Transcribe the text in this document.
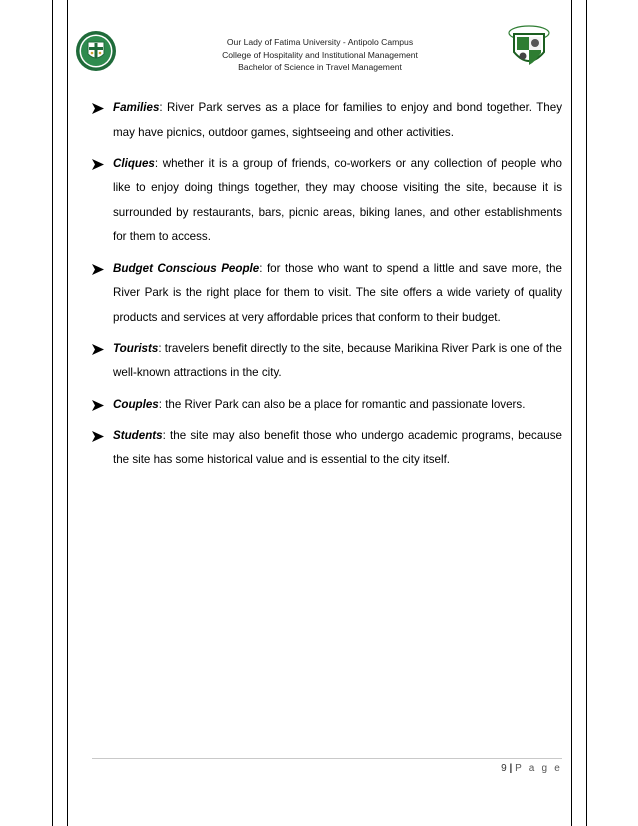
Our Lady of Fatima University - Antipolo Campus
College of Hospitality and Institutional Management
Bachelor of Science in Travel Management
Families: River Park serves as a place for families to enjoy and bond together. They may have picnics, outdoor games, sightseeing and other activities.
Cliques: whether it is a group of friends, co-workers or any collection of people who like to enjoy doing things together, they may choose visiting the site, because it is surrounded by restaurants, bars, picnic areas, biking lanes, and other establishments for them to access.
Budget Conscious People: for those who want to spend a little and save more, the River Park is the right place for them to visit. The site offers a wide variety of quality products and services at very affordable prices that conform to their budget.
Tourists: travelers benefit directly to the site, because Marikina River Park is one of the well-known attractions in the city.
Couples: the River Park can also be a place for romantic and passionate lovers.
Students: the site may also benefit those who undergo academic programs, because the site has some historical value and is essential to the city itself.
9 | P a g e
